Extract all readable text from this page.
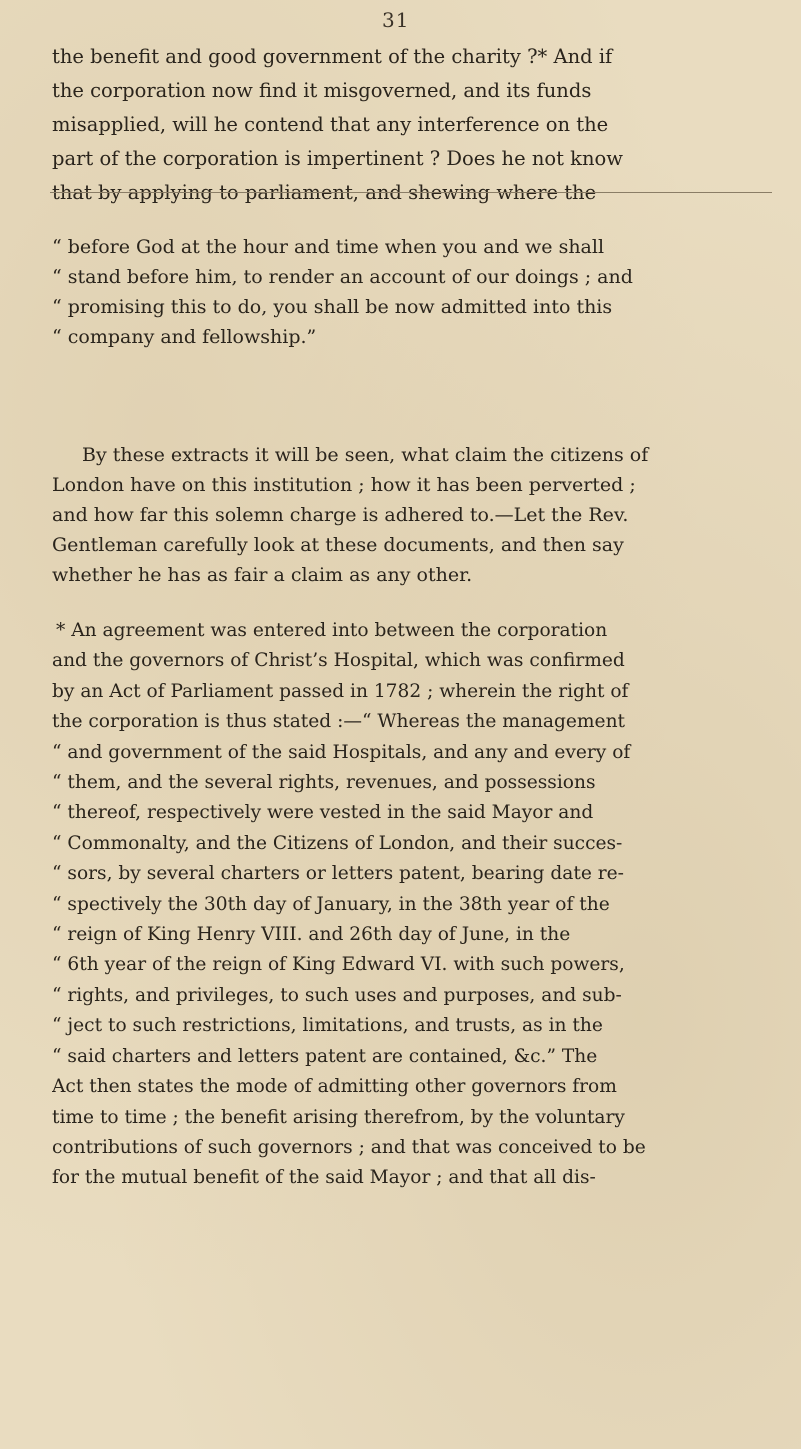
31
the benefit and good government of the charity ?* And if
the corporation now find it misgoverned, and its funds
misapplied, will he contend that any interference on the
part of the corporation is impertinent ? Does he not know
that by applying to parliament, and shewing where the
“ before God at the hour and time when you and we shall
“ stand before him, to render an account of our doings ; and
“ promising this to do, you shall be now admitted into this
“ company and fellowship.”
By these extracts it will be seen, what claim the citizens of
London have on this institution ; how it has been perverted ;
and how far this solemn charge is adhered to.—Let the Rev.
Gentleman carefully look at these documents, and then say
whether he has as fair a claim as any other.
* An agreement was entered into between the corporation
and the governors of Christ’s Hospital, which was confirmed
by an Act of Parliament passed in 1782 ; wherein the right of
the corporation is thus stated :—“ Whereas the management
“ and government of the said Hospitals, and any and every of
“ them, and the several rights, revenues, and possessions
“ thereof, respectively were vested in the said Mayor and
“ Commonalty, and the Citizens of London, and their succes-
“ sors, by several charters or letters patent, bearing date re-
“ spectively the 30th day of January, in the 38th year of the
“ reign of King Henry VIII. and 26th day of June, in the
“ 6th year of the reign of King Edward VI. with such powers,
“ rights, and privileges, to such uses and purposes, and sub-
“ ject to such restrictions, limitations, and trusts, as in the
“ said charters and letters patent are contained, &c.” The
Act then states the mode of admitting other governors from
time to time ; the benefit arising therefrom, by the voluntary
contributions of such governors ; and that was conceived to be
for the mutual benefit of the said Mayor ; and that all dis-
